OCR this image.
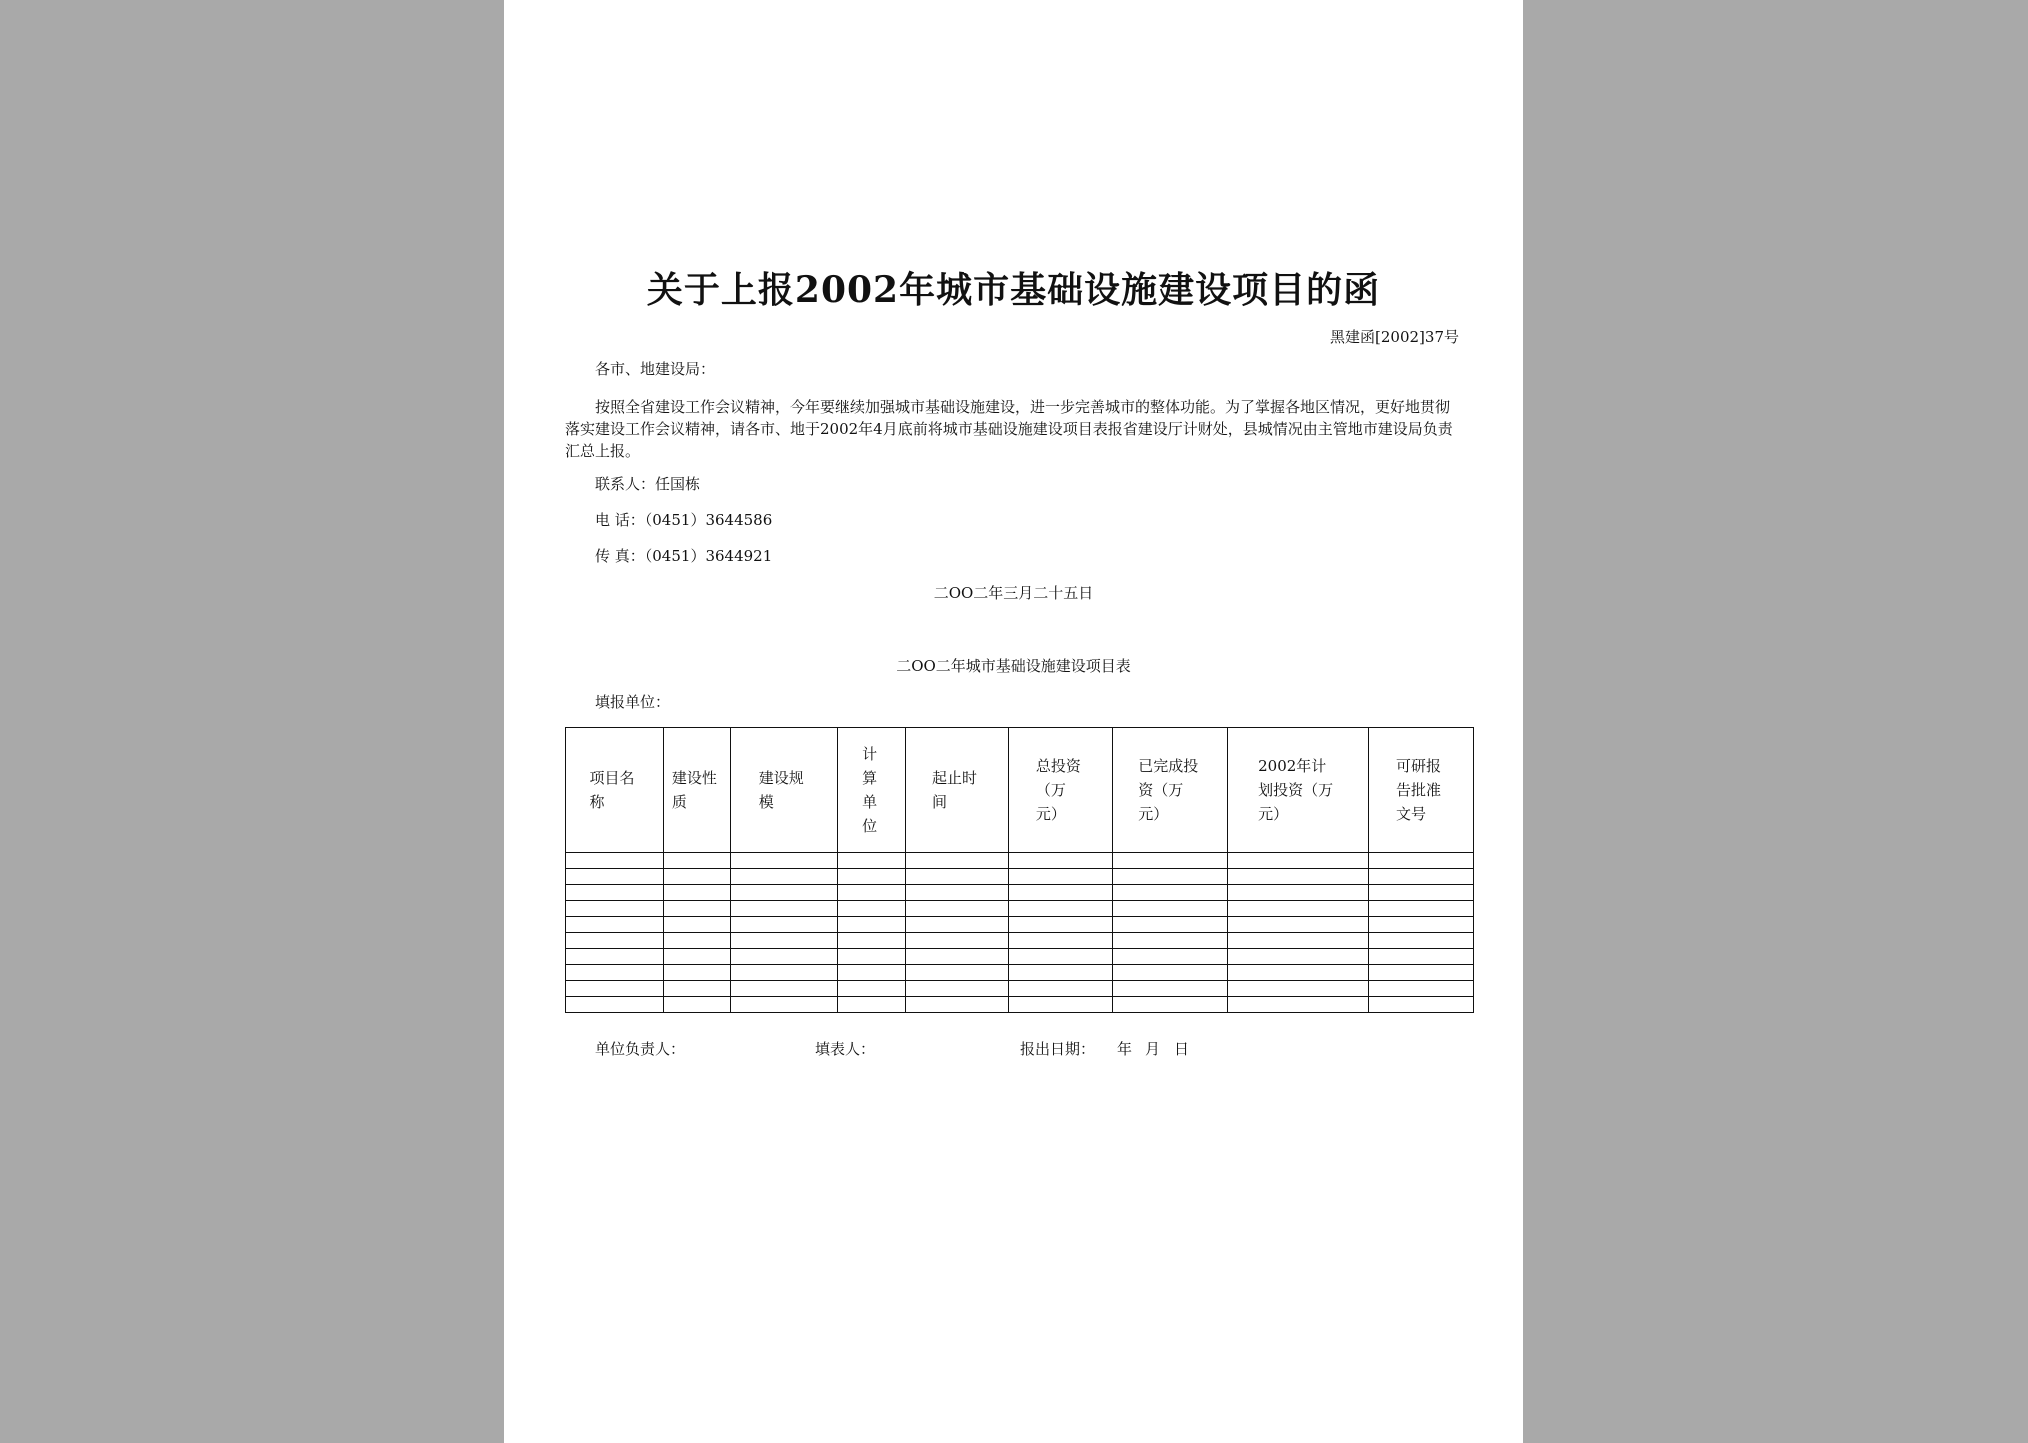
关于上报2002年城市基础设施建设项目的函
黑建函[2002]37号
各市、地建设局：
按照全省建设工作会议精神，今年要继续加强城市基础设施建设，进一步完善城市的整体功能。为了掌握各地区情况，更好地贯彻落实建设工作会议精神，请各市、地于2002年4月底前将城市基础设施建设项目表报省建设厅计财处，县城情况由主管地市建设局负责汇总上报。
联系人：任国栋
电 话：（0451）3644586
传 真：（0451）3644921
二OO二年三月二十五日
二OO二年城市基础设施建设项目表
填报单位：
项目名称	建设性质	建设规模	计算单位	起止时间	总投资（万元）	已完成投资（万元）	2002年计划投资（万元）	可研报告批准文号

单位负责人：	填表人：	报出日期： 年 月 日
